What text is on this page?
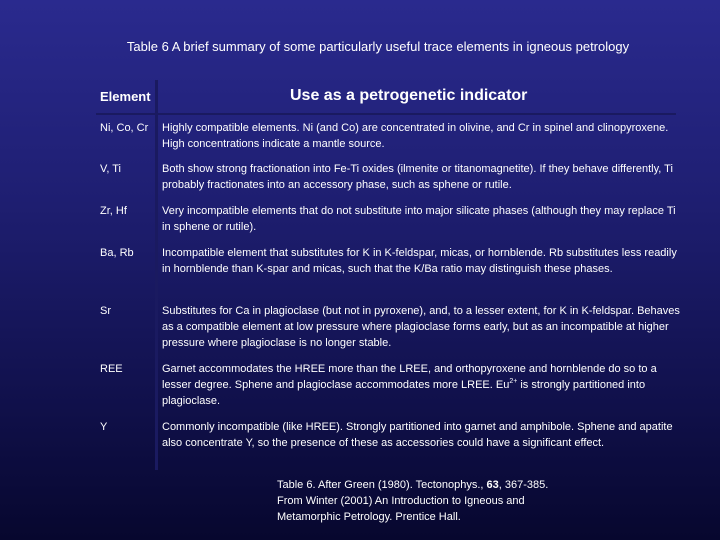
Table 6 A brief summary of some particularly useful trace elements in igneous petrology
Element	Use as a petrogenetic indicator
Ni, Co, Cr	Highly compatible elements. Ni (and Co) are concentrated in olivine, and Cr in spinel and clinopyroxene. High concentrations indicate a mantle source.
V, Ti	Both show strong fractionation into Fe-Ti oxides (ilmenite or titanomagnetite). If they behave differently, Ti probably fractionates into an accessory phase, such as sphene or rutile.
Zr, Hf	Very incompatible elements that do not substitute into major silicate phases (although they may replace Ti in sphene or rutile).
Ba, Rb	Incompatible element that substitutes for K in K-feldspar, micas, or hornblende. Rb substitutes less readily in hornblende than K-spar and micas, such that the K/Ba ratio may distinguish these phases.
Sr	Substitutes for Ca in plagioclase (but not in pyroxene), and, to a lesser extent, for K in K-feldspar. Behaves as a compatible element at low pressure where plagioclase forms early, but as an incompatible at higher pressure where plagioclase is no longer stable.
REE	Garnet accommodates the HREE more than the LREE, and orthopyroxene and hornblende do so to a lesser degree. Sphene and plagioclase accommodates more LREE. $Eu^{2+}$ is strongly partitioned into plagioclase.
Y	Commonly incompatible (like HREE). Strongly partitioned into garnet and amphibole. Sphene and apatite also concentrate Y, so the presence of these as accessories could have a significant effect.
Table 6. After Green (1980). Tectonophys., 63, 367-385. From Winter (2001) An Introduction to Igneous and Metamorphic Petrology. Prentice Hall.
